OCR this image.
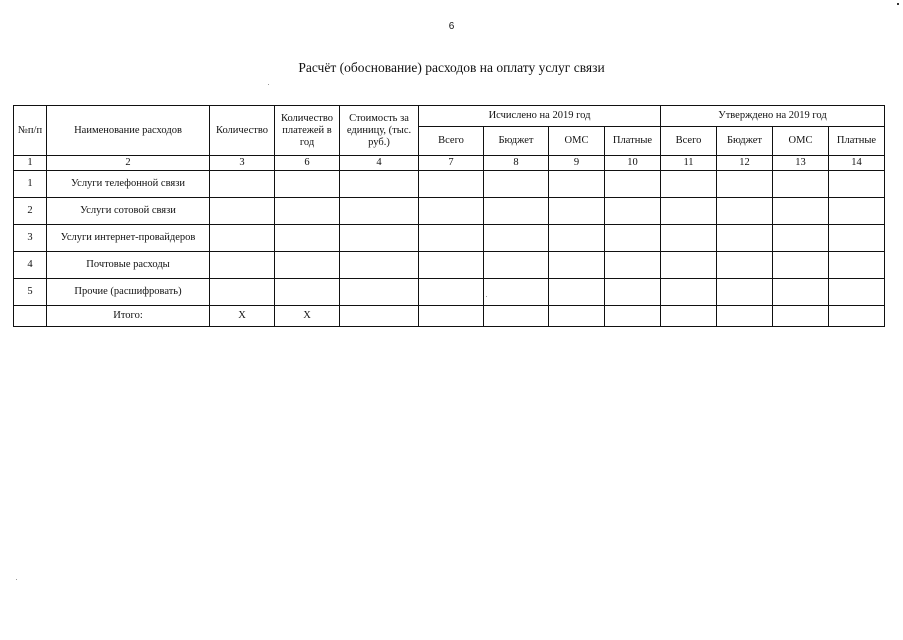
6
Расчёт (обоснование) расходов на оплату услуг связи
№п/п	Наименование расходов	Количество	Количество платежей в год	Стоимость за единицу, (тыс. руб.)	Исчислено на 2019 год				Утверждено на 2019 год			
					Всего	Бюджет	ОМС	Платные	Всего	Бюджет	ОМС	Платные
1	2	3	6	4	7	8	9	10	11	12	13	14
1	Услуги телефонной связи											
2	Услуги сотовой связи											
3	Услуги интернет-провайдеров											
4	Почтовые расходы											
5	Прочие (расшифровать)											
	Итого:	Х	Х									
